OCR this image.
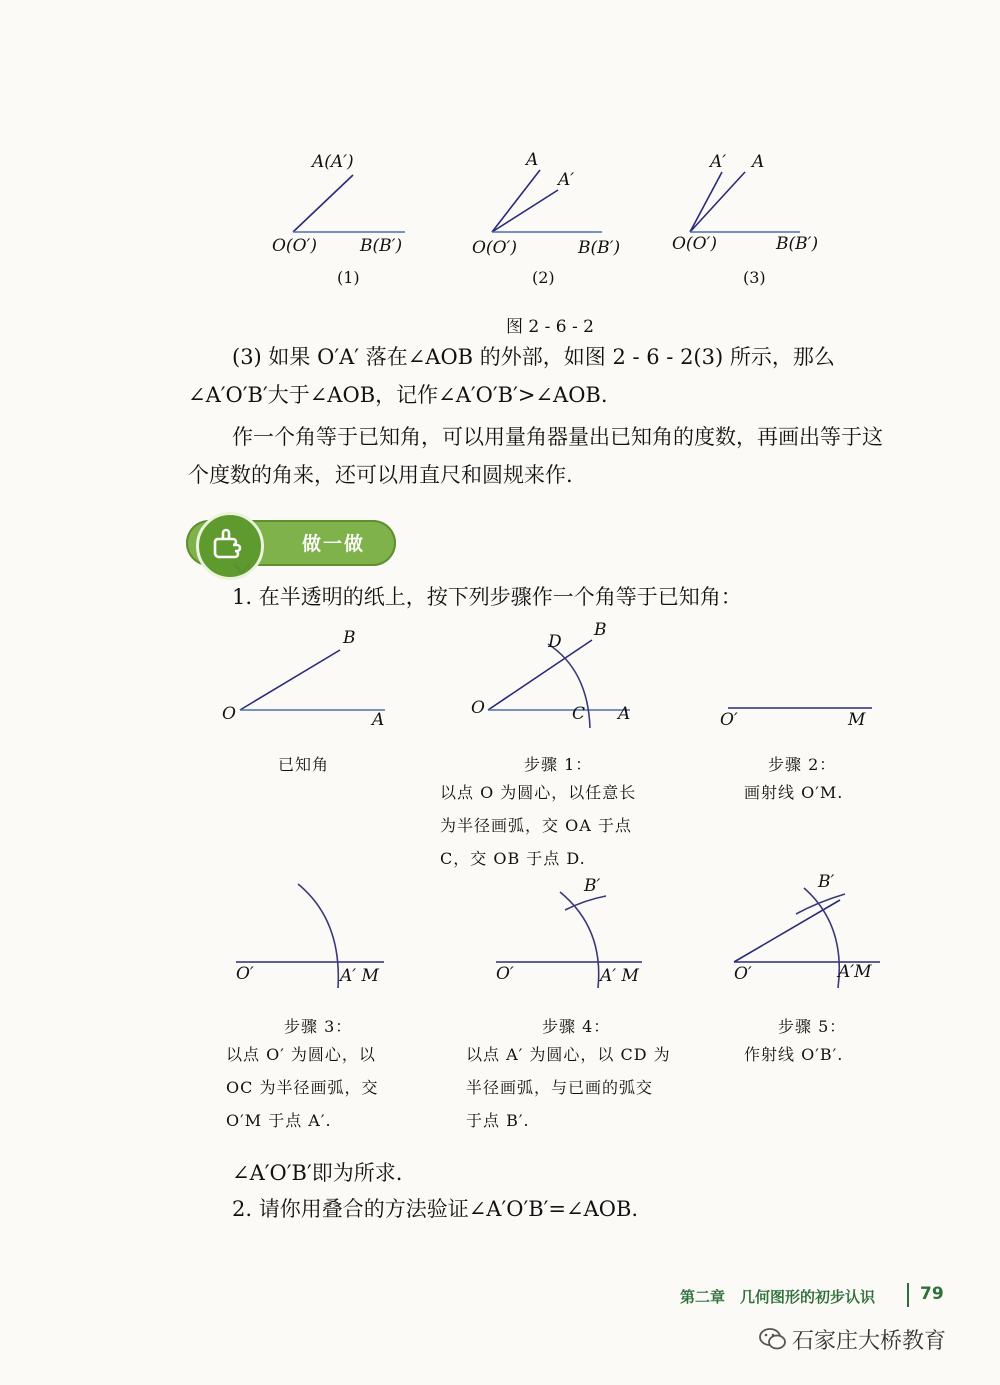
A(A′)
O(O′)	B(B′)
(1)
A
A′
O(O′)	B(B′)
(2)
A′ A
O(O′)	B(B′)
(3)
图 2 - 6 - 2
(3) 如果 O′A′ 落在∠AOB 的外部，如图 2 - 6 - 2(3) 所示，那么
∠A′O′B′大于∠AOB，记作∠A′O′B′>∠AOB.
作一个角等于已知角，可以用量角器量出已知角的度数，再画出等于这
个度数的角来，还可以用直尺和圆规来作.
做一做
1. 在半透明的纸上，按下列步骤作一个角等于已知角：
B
O	A
D
B
O	C A	O′	M
已知角	步骤 1：
以点 O 为圆心，以任意长
为半径画弧，交 OA 于点
C，交 OB 于点 D.
步骤 2：
画射线 O′M.
O′	A′ M
B′
O′	A′ M
B′
O′	A′M
步骤 3：
以点 O′ 为圆心，以
OC 为半径画弧，交
O′M 于点 A′.
步骤 4：
以点 A′ 为圆心，以 CD 为
半径画弧，与已画的弧交
于点 B′.
步骤 5：
作射线 O′B′.
∠A′O′B′即为所求.
2. 请你用叠合的方法验证∠A′O′B′=∠AOB.
第二章　几何图形的初步认识	79
石家庄大桥教育
